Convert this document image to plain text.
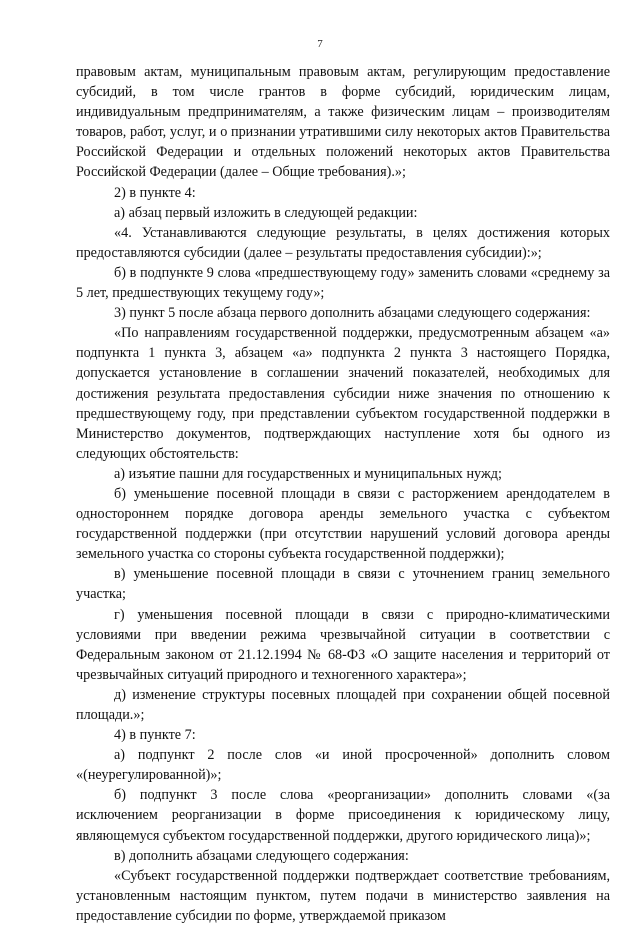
7

правовым актам, муниципальным правовым актам, регулирующим предоставление субсидий, в том числе грантов в форме субсидий, юридическим лицам, индивидуальным предпринимателям, а также физическим лицам – производителям товаров, работ, услуг, и о признании утратившими силу некоторых актов Правительства Российской Федерации и отдельных положений некоторых актов Правительства Российской Федерации (далее – Общие требования).»;

2) в пункте 4:

а) абзац первый изложить в следующей редакции:

«4. Устанавливаются следующие результаты, в целях достижения которых предоставляются субсидии (далее – результаты предоставления субсидии):»;

б) в подпункте 9 слова «предшествующему году» заменить словами «среднему за 5 лет, предшествующих текущему году»;

3) пункт 5 после абзаца первого дополнить абзацами следующего содержания:

«По направлениям государственной поддержки, предусмотренным абзацем «а» подпункта 1 пункта 3, абзацем «а» подпункта 2 пункта 3 настоящего Порядка, допускается установление в соглашении значений показателей, необходимых для достижения результата предоставления субсидии ниже значения по отношению к предшествующему году, при представлении субъектом государственной поддержки в Министерство документов, подтверждающих наступление хотя бы одного из следующих обстоятельств:

а) изъятие пашни для государственных и муниципальных нужд;

б) уменьшение посевной площади в связи с расторжением арендодателем в одностороннем порядке договора аренды земельного участка с субъектом государственной поддержки (при отсутствии нарушений условий договора аренды земельного участка со стороны субъекта государственной поддержки);

в) уменьшение посевной площади в связи с уточнением границ земельного участка;

г) уменьшения посевной площади в связи с природно-климатическими условиями при введении режима чрезвычайной ситуации в соответствии с Федеральным законом от 21.12.1994 № 68-ФЗ «О защите населения и территорий от чрезвычайных ситуаций природного и техногенного характера»;

д) изменение структуры посевных площадей при сохранении общей посевной площади.»;

4) в пункте 7:

а) подпункт 2 после слов «и иной просроченной» дополнить словом «(неурегулированной)»;

б) подпункт 3 после слова «реорганизации» дополнить словами «(за исключением реорганизации в форме присоединения к юридическому лицу, являющемуся субъектом государственной поддержки, другого юридического лица)»;

в) дополнить абзацами следующего содержания:

«Субъект государственной поддержки подтверждает соответствие требованиям, установленным настоящим пунктом, путем подачи в министерство заявления на предоставление субсидии по форме, утверждаемой приказом
